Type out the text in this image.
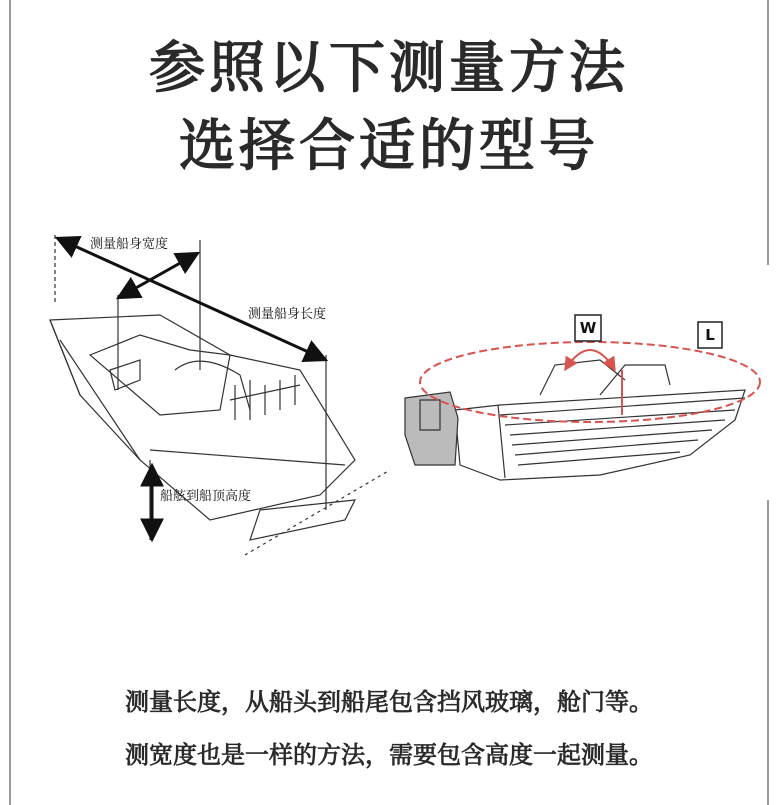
参照以下测量方法
选择合适的型号
测量船身宽度
测量船身长度
船舷到船顶高度
W	L
测量长度，从船头到船尾包含挡风玻璃，舱门等。
测宽度也是一样的方法，需要包含高度一起测量。
